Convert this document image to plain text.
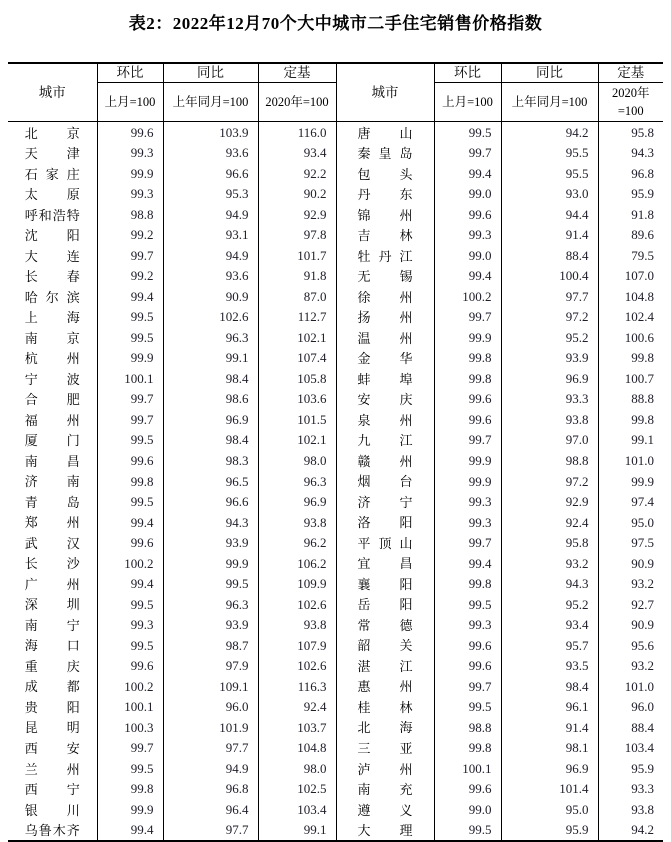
表2：2022年12月70个大中城市二手住宅销售价格指数
城市	环比	同比	定基	城市	环比	同比	定基
	上月=100	上年同月=100	2020年=100		上月=100	上年同月=100	2020年=100
北京	99.6	103.9	116.0	唐山	99.5	94.2	95.8
天津	99.3	93.6	93.4	秦皇岛	99.7	95.5	94.3
石家庄	99.9	96.6	92.2	包头	99.4	95.5	96.8
太原	99.3	95.3	90.2	丹东	99.0	93.0	95.9
呼和浩特	98.8	94.9	92.9	锦州	99.6	94.4	91.8
沈阳	99.2	93.1	97.8	吉林	99.3	91.4	89.6
大连	99.7	94.9	101.7	牡丹江	99.0	88.4	79.5
长春	99.2	93.6	91.8	无锡	99.4	100.4	107.0
哈尔滨	99.4	90.9	87.0	徐州	100.2	97.7	104.8
上海	99.5	102.6	112.7	扬州	99.7	97.2	102.4
南京	99.5	96.3	102.1	温州	99.9	95.2	100.6
杭州	99.9	99.1	107.4	金华	99.8	93.9	99.8
宁波	100.1	98.4	105.8	蚌埠	99.8	96.9	100.7
合肥	99.7	98.6	103.6	安庆	99.6	93.3	88.8
福州	99.7	96.9	101.5	泉州	99.6	93.8	99.8
厦门	99.5	98.4	102.1	九江	99.7	97.0	99.1
南昌	99.6	98.3	98.0	赣州	99.9	98.8	101.0
济南	99.8	96.5	96.3	烟台	99.9	97.2	99.9
青岛	99.5	96.6	96.9	济宁	99.3	92.9	97.4
郑州	99.4	94.3	93.8	洛阳	99.3	92.4	95.0
武汉	99.6	93.9	96.2	平顶山	99.7	95.8	97.5
长沙	100.2	99.9	106.2	宜昌	99.4	93.2	90.9
广州	99.4	99.5	109.9	襄阳	99.8	94.3	93.2
深圳	99.5	96.3	102.6	岳阳	99.5	95.2	92.7
南宁	99.3	93.9	93.8	常德	99.3	93.4	90.9
海口	99.5	98.7	107.9	韶关	99.6	95.7	95.6
重庆	99.6	97.9	102.6	湛江	99.6	93.5	93.2
成都	100.2	109.1	116.3	惠州	99.7	98.4	101.0
贵阳	100.1	96.0	92.4	桂林	99.5	96.1	96.0
昆明	100.3	101.9	103.7	北海	98.8	91.4	88.4
西安	99.7	97.7	104.8	三亚	99.8	98.1	103.4
兰州	99.5	94.9	98.0	泸州	100.1	96.9	95.9
西宁	99.8	96.8	102.5	南充	99.6	101.4	93.3
银川	99.9	96.4	103.4	遵义	99.0	95.0	93.8
乌鲁木齐	99.4	97.7	99.1	大理	99.5	95.9	94.2
